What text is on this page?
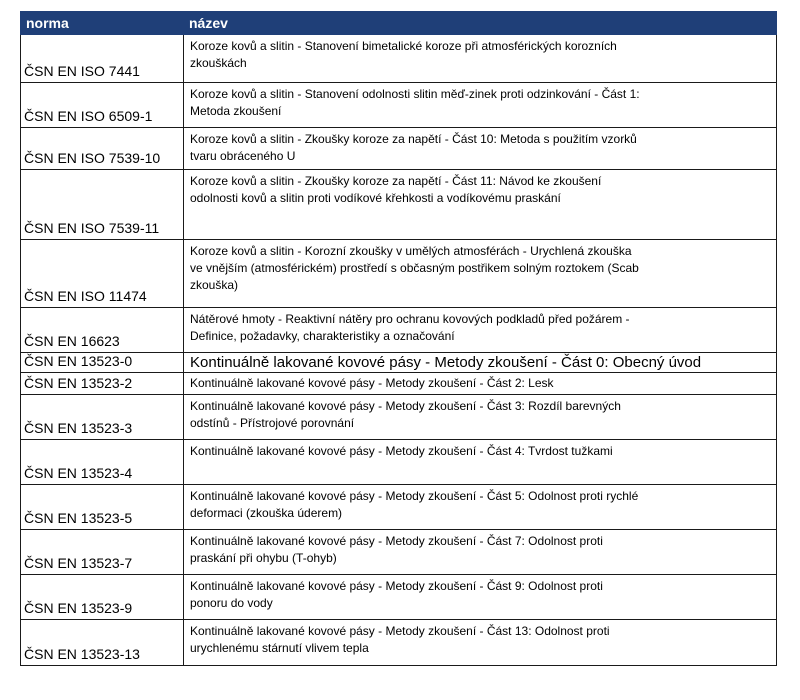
norma	název
ČSN EN ISO 7441	Koroze kovů a slitin - Stanovení bimetalické koroze při atmosférických korozních zkouškách

ČSN EN ISO 6509-1	Koroze kovů a slitin - Stanovení odolnosti slitin měď-zinek proti odzinkování - Část 1: Metoda zkoušení

ČSN EN ISO 7539-10	Koroze kovů a slitin - Zkoušky koroze za napětí - Část 10: Metoda s použitím vzorků tvaru obráceného U

ČSN EN ISO 7539-11	Koroze kovů a slitin - Zkoušky koroze za napětí - Část 11: Návod ke zkoušení odolnosti kovů a slitin proti vodíkové křehkosti a vodíkovému praskání

ČSN EN ISO 11474	Koroze kovů a slitin - Korozní zkoušky v umělých atmosférách - Urychlená zkouška ve vnějším (atmosférickém) prostředí s občasným postřikem solným roztokem (Scab zkouška)

ČSN EN 16623	Nátěrové hmoty - Reaktivní nátěry pro ochranu kovových podkladů před požárem - Definice, požadavky, charakteristiky a označování

ČSN EN 13523-0	Kontinuálně lakované kovové pásy - Metody zkoušení - Část 0: Obecný úvod

ČSN EN 13523-2	Kontinuálně lakované kovové pásy - Metody zkoušení - Část 2: Lesk

ČSN EN 13523-3	Kontinuálně lakované kovové pásy - Metody zkoušení - Část 3: Rozdíl barevných odstínů - Přístrojové porovnání

ČSN EN 13523-4	Kontinuálně lakované kovové pásy - Metody zkoušení - Část 4: Tvrdost tužkami

ČSN EN 13523-5	Kontinuálně lakované kovové pásy - Metody zkoušení - Část 5: Odolnost proti rychlé deformaci (zkouška úderem)

ČSN EN 13523-7	Kontinuálně lakované kovové pásy - Metody zkoušení - Část 7: Odolnost proti praskání při ohybu (T-ohyb)

ČSN EN 13523-9	Kontinuálně lakované kovové pásy - Metody zkoušení - Část 9: Odolnost proti ponoru do vody

ČSN EN 13523-13	Kontinuálně lakované kovové pásy - Metody zkoušení - Část 13: Odolnost proti urychlenému stárnutí vlivem tepla
